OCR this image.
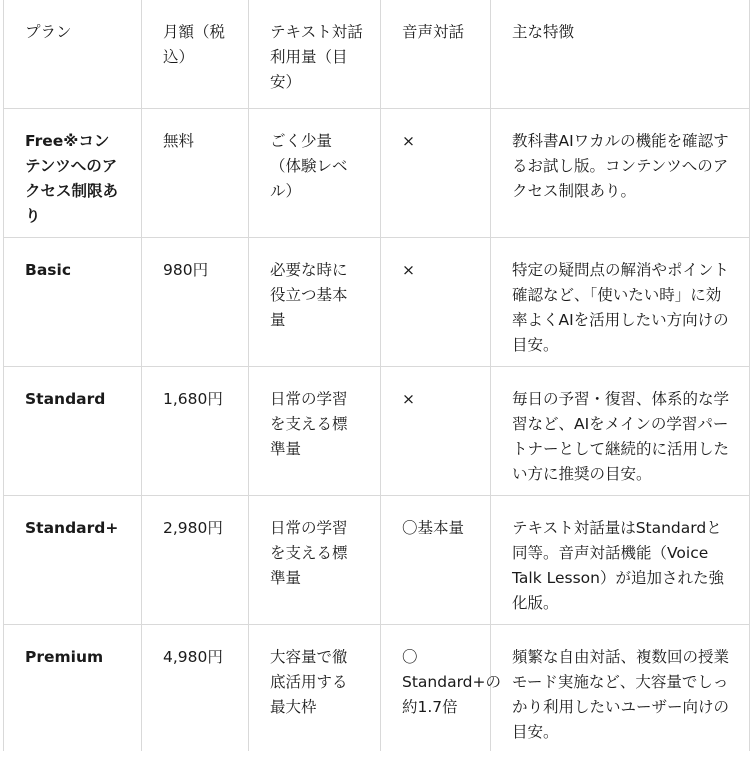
プラン	月額（税込）	テキスト対話利用量（目安）	音声対話	主な特徴
Free※コンテンツへのアクセス制限あり	無料	ごく少量（体験レベル）	×	教科書AIワカルの機能を確認するお試し版。コンテンツへのアクセス制限あり。
Basic	980円	必要な時に役立つ基本量	×	特定の疑問点の解消やポイント確認など、「使いたい時」に効率よくAIを活用したい方向けの目安。
Standard	1,680円	日常の学習を支える標準量	×	毎日の予習・復習、体系的な学習など、AIをメインの学習パートナーとして継続的に活用したい方に推奨の目安。
Standard+	2,980円	日常の学習を支える標準量	〇基本量	テキスト対話量はStandardと同等。音声対話機能（Voice Talk Lesson）が追加された強化版。
Premium	4,980円	大容量で徹底活用する最大枠	〇Standard+の約1.7倍	頻繁な自由対話、複数回の授業モード実施など、大容量でしっかり利用したいユーザー向けの目安。
